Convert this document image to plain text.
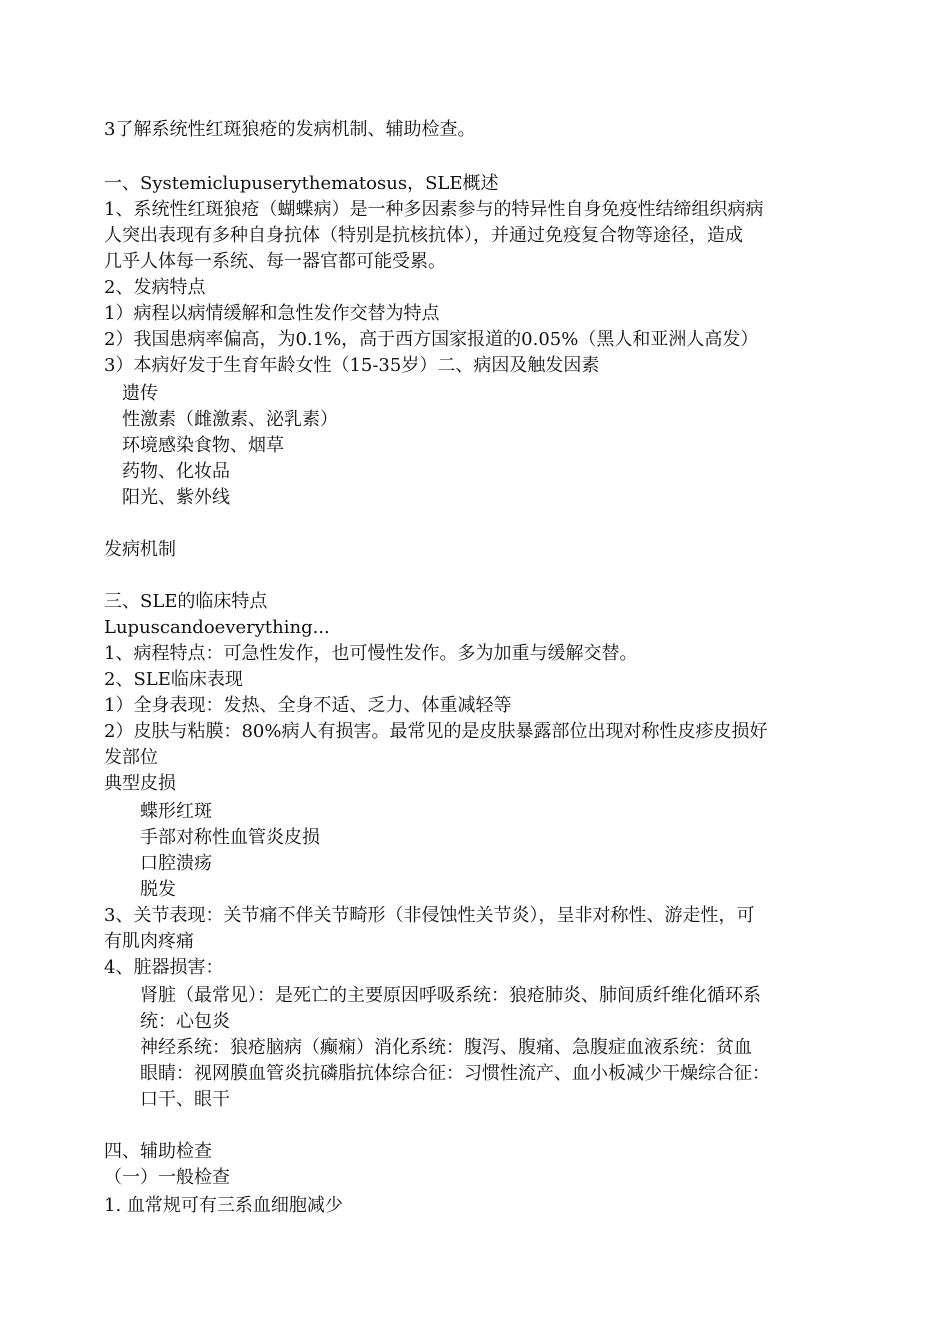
3了解系统性红斑狼疮的发病机制、辅助检查。
一、Systemiclupuserythematosus，SLE概述
1、系统性红斑狼疮（蝴蝶病）是一种多因素参与的特异性自身免疫性结缔组织病病
人突出表现有多种自身抗体（特别是抗核抗体），并通过免疫复合物等途径，造成
几乎人体每一系统、每一器官都可能受累。
2、发病特点
1）病程以病情缓解和急性发作交替为特点
2）我国患病率偏高，为0.1%，高于西方国家报道的0.05%（黑人和亚洲人高发）
3）本病好发于生育年龄女性（15-35岁）二、病因及触发因素
遗传
性激素（雌激素、泌乳素）
环境感染食物、烟草
药物、化妆品
阳光、紫外线
发病机制
三、SLE的临床特点
Lupuscandoeverything...
1、病程特点：可急性发作，也可慢性发作。多为加重与缓解交替。
2、SLE临床表现
1）全身表现：发热、全身不适、乏力、体重减轻等
2）皮肤与粘膜：80%病人有损害。最常见的是皮肤暴露部位出现对称性皮疹皮损好
发部位
典型皮损
蝶形红斑
手部对称性血管炎皮损
口腔溃疡
脱发
3、关节表现：关节痛不伴关节畸形（非侵蚀性关节炎），呈非对称性、游走性，可
有肌肉疼痛
4、脏器损害：
肾脏（最常见）：是死亡的主要原因呼吸系统：狼疮肺炎、肺间质纤维化循环系
统：心包炎
神经系统：狼疮脑病（癫痫）消化系统：腹泻、腹痛、急腹症血液系统：贫血
眼睛：视网膜血管炎抗磷脂抗体综合征：习惯性流产、血小板减少干燥综合征：
口干、眼干
四、辅助检查
（一）一般检查
1. 血常规可有三系血细胞减少
